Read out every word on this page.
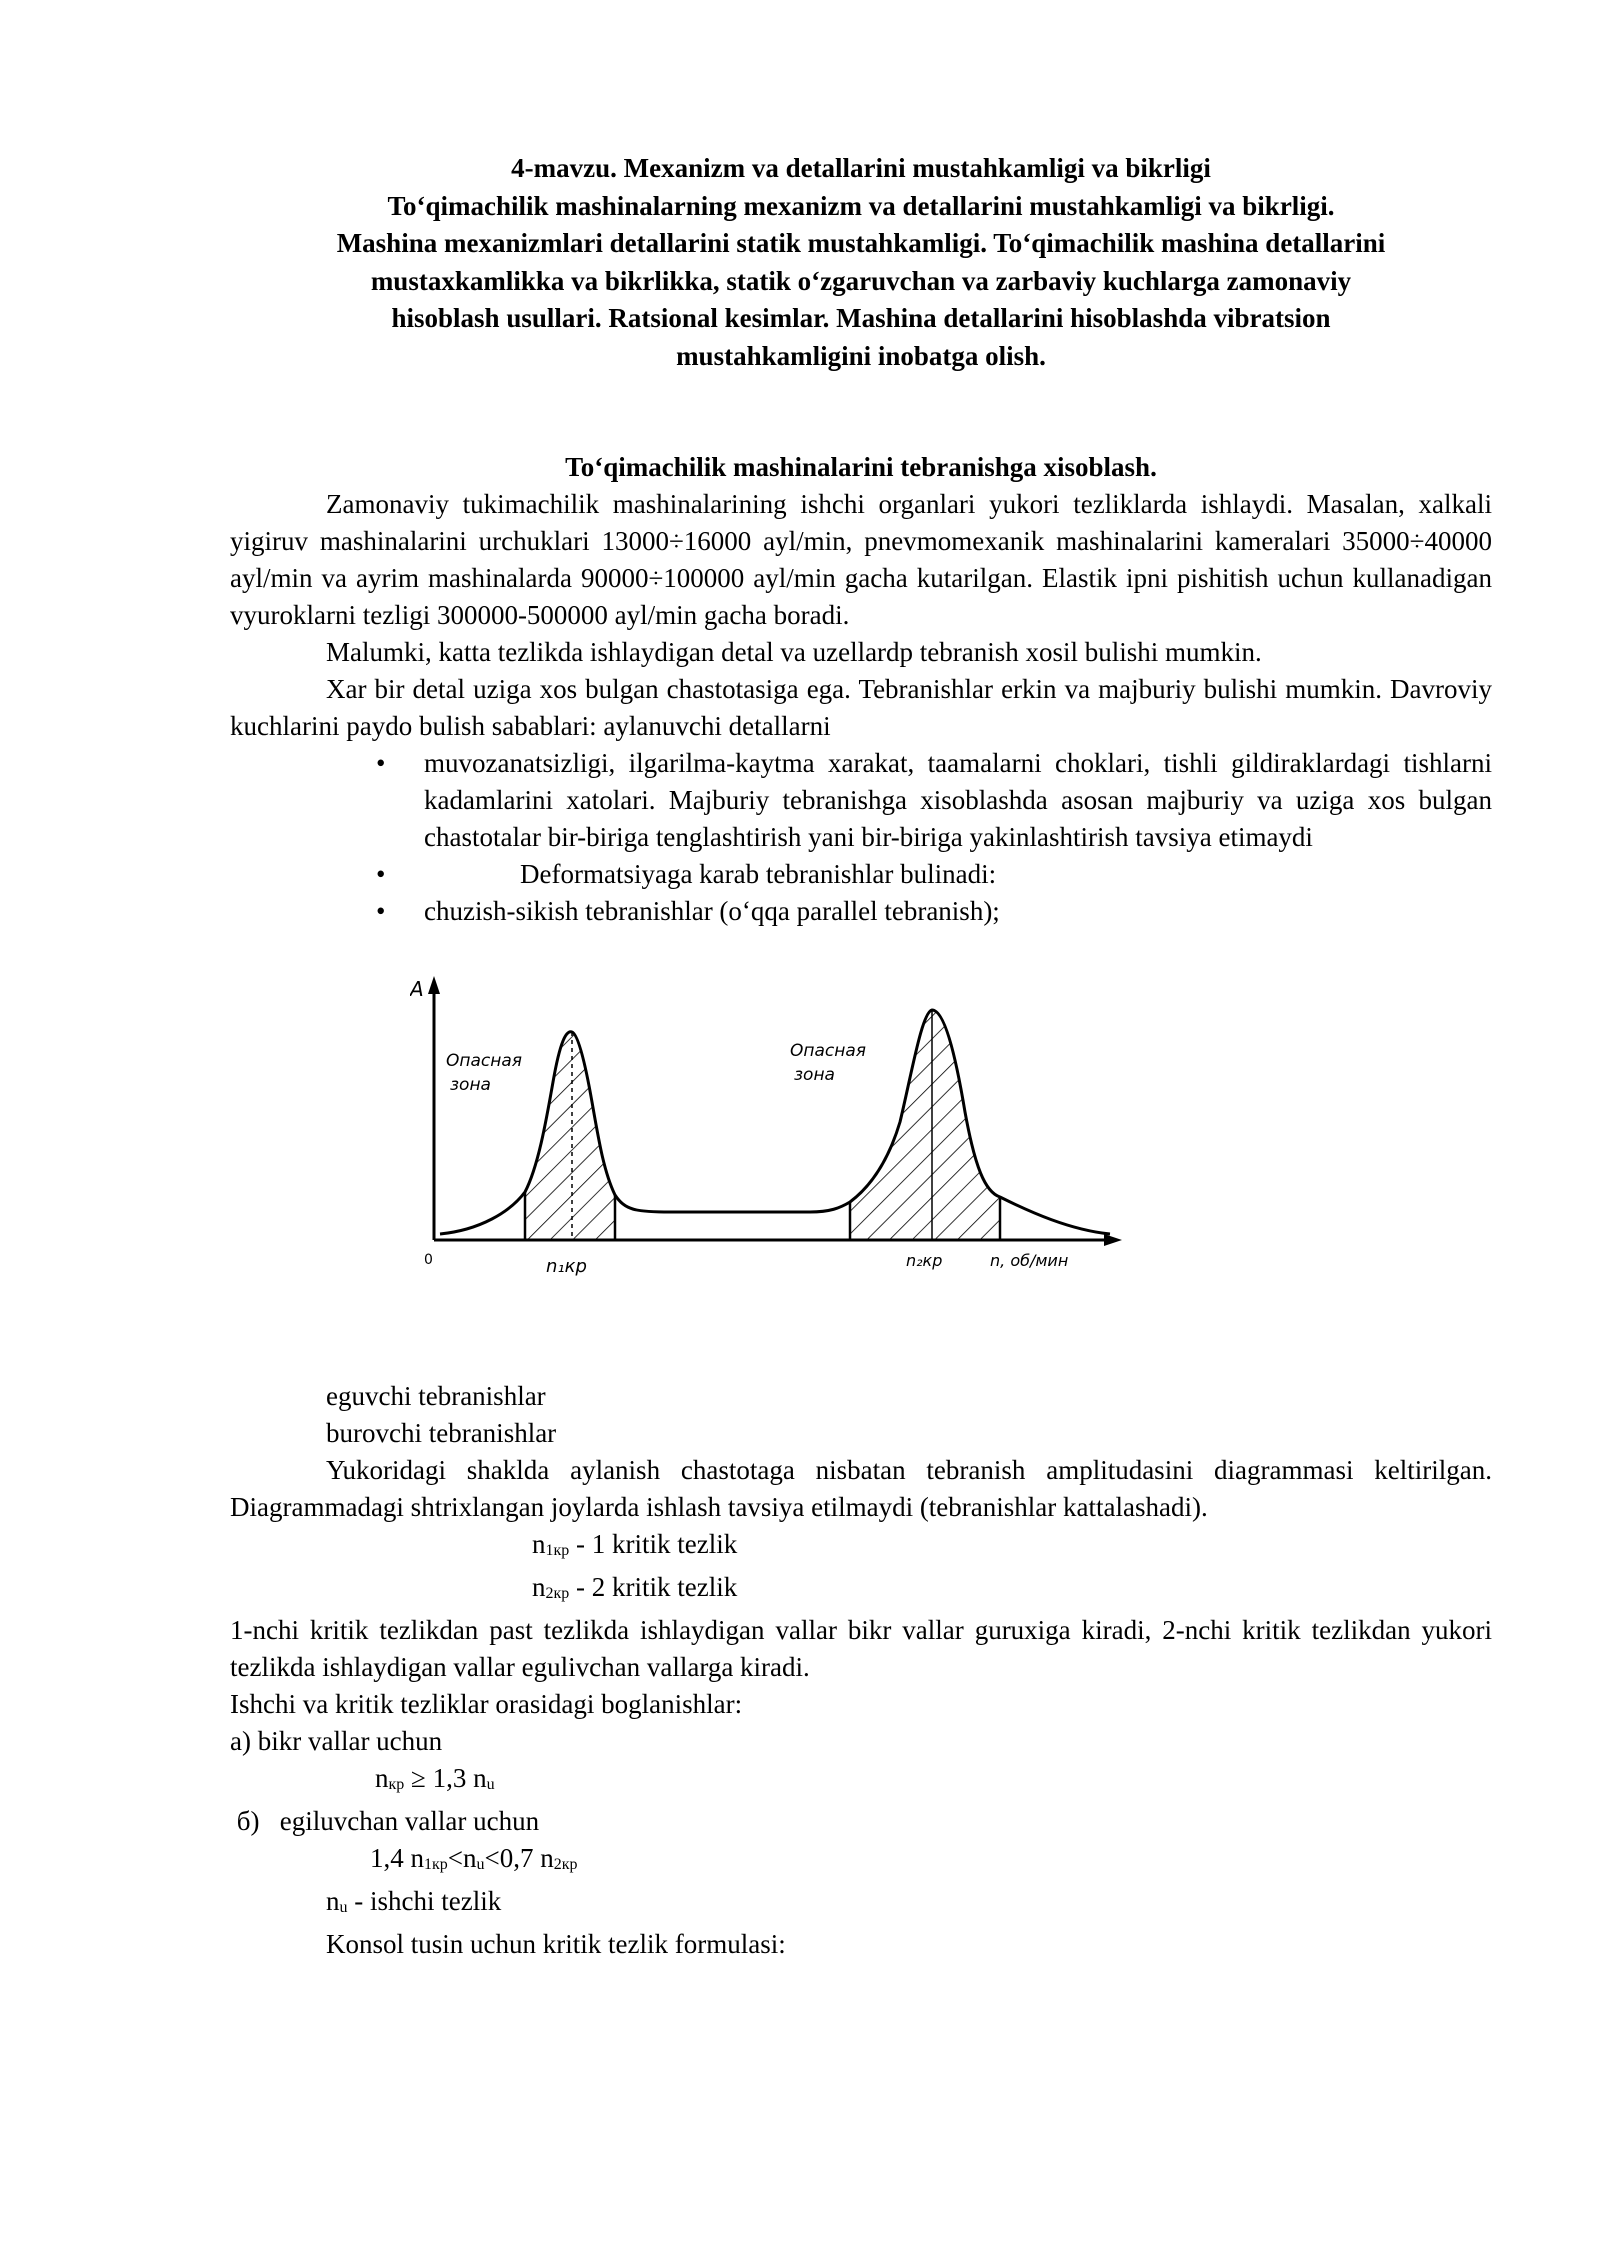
4-mavzu. Mexanizm va detallarini mustahkamligi va bikrligi

To‘qimachilik mashinalarning mexanizm va detallarini mustahkamligi va bikrligi.

Mashina mexanizmlari detallarini statik mustahkamligi. To‘qimachilik mashina detallarini

mustaxkamlikka va bikrlikka, statik o‘zgaruvchan va zarbaviy kuchlarga zamonaviy

hisoblash usullari. Ratsional kesimlar. Mashina detallarini hisoblashda vibratsion

mustahkamligini inobatga olish.

To‘qimachilik mashinalarini tebranishga xisoblash.

Zamonaviy tukimachilik mashinalarining ishchi organlari yukori tezliklarda ishlaydi. Masalan, xalkali yigiruv mashinalarini urchuklari 13000÷16000 ayl/min, pnevmomexanik mashinalarini kameralari 35000÷40000 ayl/min va ayrim mashinalarda 90000÷100000 ayl/min gacha kutarilgan. Elastik ipni pishitish uchun kullanadigan vyuroklarni tezligi 300000-500000 ayl/min gacha boradi.

Malumki, katta tezlikda ishlaydigan detal va uzellardp tebranish xosil bulishi mumkin.

Xar bir detal uziga xos bulgan chastotasiga ega. Tebranishlar erkin va majburiy bulishi mumkin. Davroviy kuchlarini paydo bulish sabablari: aylanuvchi detallarni

• muvozanatsizligi, ilgarilma-kaytma xarakat, taamalarni choklari, tishli gildiraklardagi tishlarni kadamlarini xatolari. Majburiy tebranishga xisoblashda asosan majburiy va uziga xos bulgan chastotalar bir-biriga tenglashtirish yani bir-biriga yakinlashtirish tavsiya etimaydi
•	Deformatsiyaga karab tebranishlar bulinadi:
• chuzish-sikish tebranishlar (o‘qqa parallel tebranish);
A
Опасная
зона
Опасная
зона
0	n₁кр	n₂кр	n, об/мин

eguvchi tebranishlar

burovchi tebranishlar

Yukoridagi shaklda aylanish chastotaga nisbatan tebranish amplitudasini diagrammasi keltirilgan. Diagrammadagi shtrixlangan joylarda ishlash tavsiya etilmaydi (tebranishlar kattalashadi).

$n_{1кр} - 1$ kritik tezlik

$n_{2кр} - 2$ kritik tezlik

1-nchi kritik tezlikdan past tezlikda ishlaydigan vallar bikr vallar guruxiga kiradi, 2-nchi kritik tezlikdan yukori tezlikda ishlaydigan vallar egulivchan vallarga kiradi.

Ishchi va kritik tezliklar orasidagi boglanishlar:

a) bikr vallar uchun

$n_{кр} \ge 1,3$ $n_u$

б)   egiluvchan vallar uchun

1,4 $n_{1кр}<n_u<0,7$ $n_{2кр}$

$n_u$ - ishchi tezlik

Konsol tusin uchun kritik tezlik formulasi:
